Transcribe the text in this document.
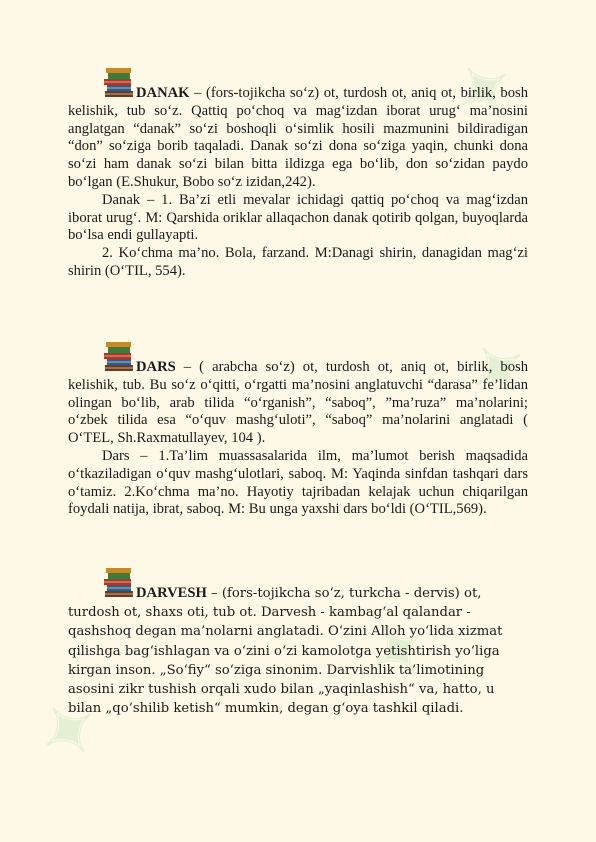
✦
✦
✦
✦

DANAK – (fors-tojikcha so‘z) ot, turdosh ot, aniq ot, birlik, bosh kelishik, tub so‘z. Qattiq po‘choq va mag‘izdan iborat urug‘ ma’nosini anglatgan “danak” so‘zi boshoqli o‘simlik hosili mazmunini bildiradigan “don” so‘ziga borib taqaladi. Danak so‘zi dona so‘ziga yaqin, chunki dona so‘zi ham danak so‘zi bilan bitta ildizga ega bo‘lib, don so‘zidan paydo bo‘lgan (E.Shukur, Bobo so‘z izidan,242).

Danak – 1. Ba’zi etli mevalar ichidagi qattiq po‘choq va mag‘izdan iborat urug‘. M: Qarshida oriklar allaqachon danak qotirib qolgan, buyoqlarda bo‘lsa endi gullayapti.

2. Ko‘chma ma’no. Bola, farzand. M:Danagi shirin, danagidan mag‘zi shirin (O‘TIL, 554).

DARS – ( arabcha so‘z) ot, turdosh ot, aniq ot, birlik, bosh kelishik, tub. Bu so‘z o‘qitti, o‘rgatti ma’nosini anglatuvchi “darasa” fe’lidan olingan bo‘lib, arab tilida “o‘rganish”, “saboq”, ”ma’ruza” ma’nolarini; o‘zbek tilida esa “o‘quv mashg‘uloti”, “saboq” ma’nolarini anglatadi ( O‘TEL, Sh.Raxmatullayev, 104 ).

Dars – 1.Ta’lim muassasalarida ilm, ma’lumot berish maqsadida o‘tkaziladigan o‘quv mashg‘ulotlari, saboq. M: Yaqinda sinfdan tashqari dars o‘tamiz. 2.Ko‘chma ma’no. Hayotiy tajribadan kelajak uchun chiqarilgan foydali natija, ibrat, saboq. M: Bu unga yaxshi dars bo‘ldi (O‘TIL,569).

DARVESH – (fors-tojikcha so‘z, turkcha - dervis) ot, turdosh ot, shaxs oti, tub ot. Darvesh - kambag‘al qalandar - qashshoq degan ma’nolarni anglatadi. O‘zini Alloh yo‘lida xizmat qilishga bag‘ishlagan va o‘zini o‘zi kamolotga yetishtirish yo‘liga kirgan inson. „So‘fiy“ so‘ziga sinonim. Darvishlik ta’limotining asosini zikr tushish orqali xudo bilan „yaqinlashish“ va, hatto, u bilan „qo‘shilib ketish“ mumkin, degan g‘oya tashkil qiladi.
